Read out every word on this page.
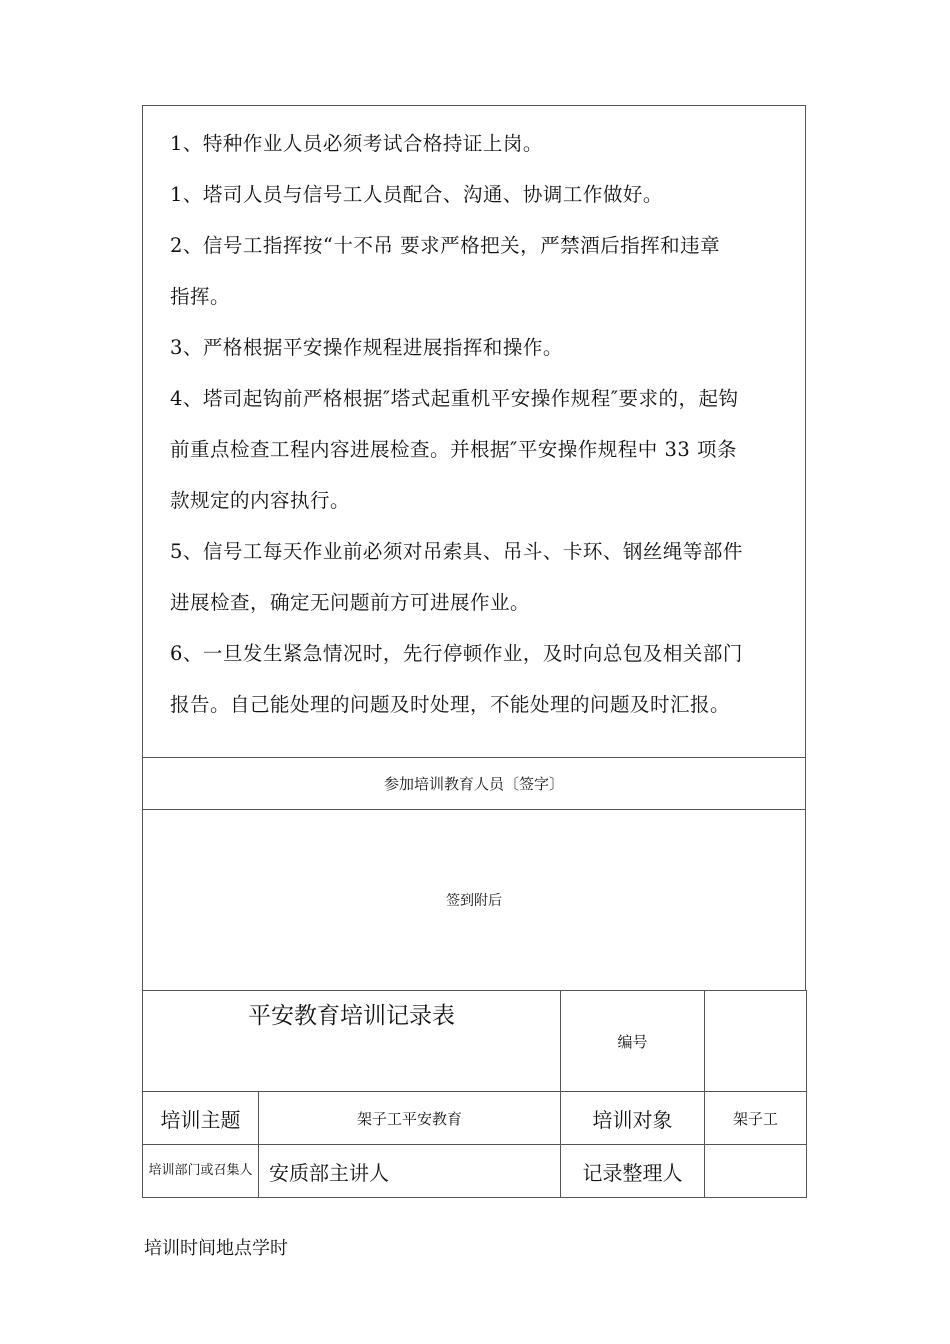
1、特种作业人员必须考试合格持证上岗。
1、塔司人员与信号工人员配合、沟通、协调工作做好。
2、信号工指挥按“十不吊 要求严格把关，严禁酒后指挥和违章
指挥。
3、严格根据平安操作规程进展指挥和操作。
4、塔司起钩前严格根据″塔式起重机平安操作规程″要求的，起钩
前重点检查工程内容进展检查。并根据″平安操作规程中 33 项条
款规定的内容执行。
5、信号工每天作业前必须对吊索具、吊斗、卡环、钢丝绳等部件
进展检查，确定无问题前方可进展作业。
6、一旦发生紧急情况时，先行停顿作业，及时向总包及相关部门
报告。自己能处理的问题及时处理，不能处理的问题及时汇报。
参加培训教育人员〔签字〕
签到附后
平安教育培训记录表		编号	
培训主题	架子工平安教育	培训对象	架子工
培训部门或召集人	安质部主讲人	记录整理人	
培训时间地点学时
